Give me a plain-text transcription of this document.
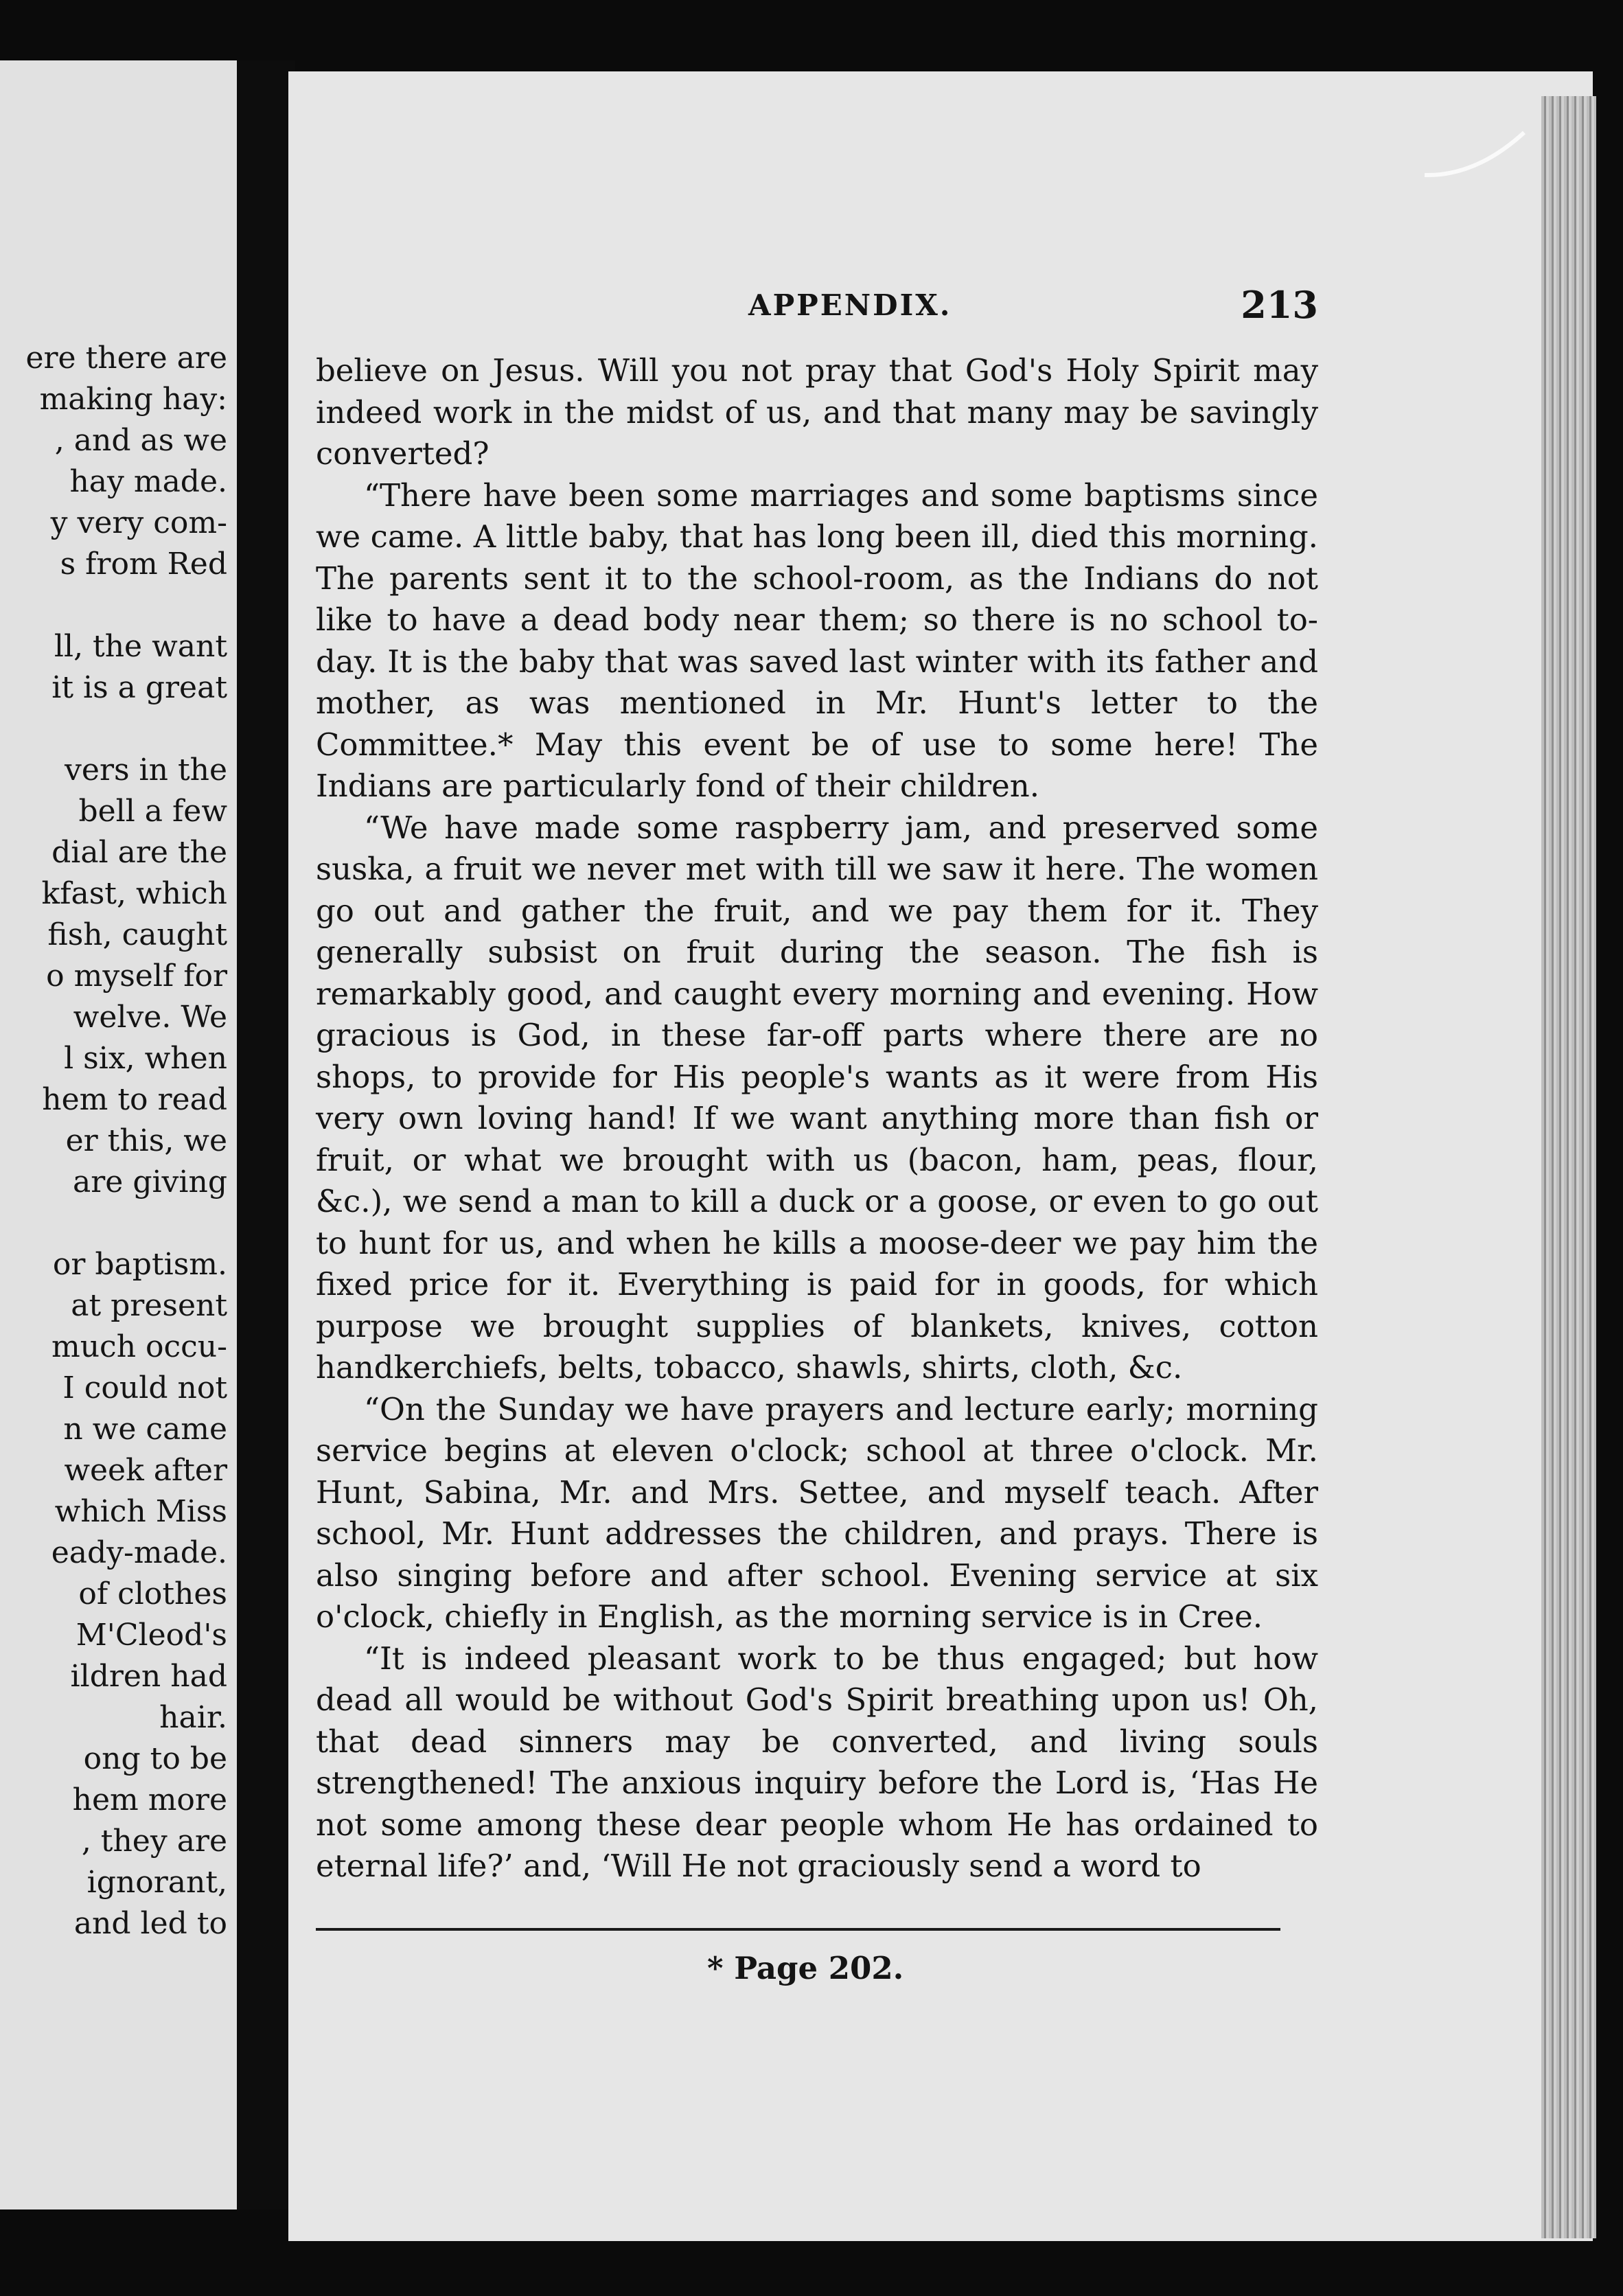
ere there are
making hay:
, and as we
hay made.
y very com-
s from Red
ll, the want
it is a great
vers in the
bell a few
dial are the
kfast, which
fish, caught
o myself for
welve. We
l six, when
hem to read
er this, we
are giving
or baptism.
at present
much occu-
I could not
n we came
week after
which Miss
eady-made.
of clothes
M'Cleod's
ildren had
hair.
ong to be
hem more
, they are
ignorant,
and led to
APPENDIX.	213

believe on Jesus. Will you not pray that God's Holy Spirit may indeed work in the midst of us, and that many may be savingly converted?

“There have been some marriages and some baptisms since we came. A little baby, that has long been ill, died this morning. The parents sent it to the school-room, as the Indians do not like to have a dead body near them; so there is no school to-day. It is the baby that was saved last winter with its father and mother, as was mentioned in Mr. Hunt's letter to the Committee.* May this event be of use to some here! The Indians are particularly fond of their children.

“We have made some raspberry jam, and preserved some suska, a fruit we never met with till we saw it here. The women go out and gather the fruit, and we pay them for it. They generally subsist on fruit during the season. The fish is remarkably good, and caught every morning and evening. How gracious is God, in these far-off parts where there are no shops, to provide for His people's wants as it were from His very own loving hand! If we want anything more than fish or fruit, or what we brought with us (bacon, ham, peas, flour, &c.), we send a man to kill a duck or a goose, or even to go out to hunt for us, and when he kills a moose-deer we pay him the fixed price for it. Everything is paid for in goods, for which purpose we brought supplies of blankets, knives, cotton handkerchiefs, belts, tobacco, shawls, shirts, cloth, &c.

“On the Sunday we have prayers and lecture early; morning service begins at eleven o'clock; school at three o'clock. Mr. Hunt, Sabina, Mr. and Mrs. Settee, and myself teach. After school, Mr. Hunt addresses the children, and prays. There is also singing before and after school. Evening service at six o'clock, chiefly in English, as the morning service is in Cree.

“It is indeed pleasant work to be thus engaged; but how dead all would be without God's Spirit breathing upon us! Oh, that dead sinners may be converted, and living souls strengthened! The anxious inquiry before the Lord is, ‘Has He not some among these dear people whom He has ordained to eternal life?’ and, ‘Will He not graciously send a word to

* Page 202.
